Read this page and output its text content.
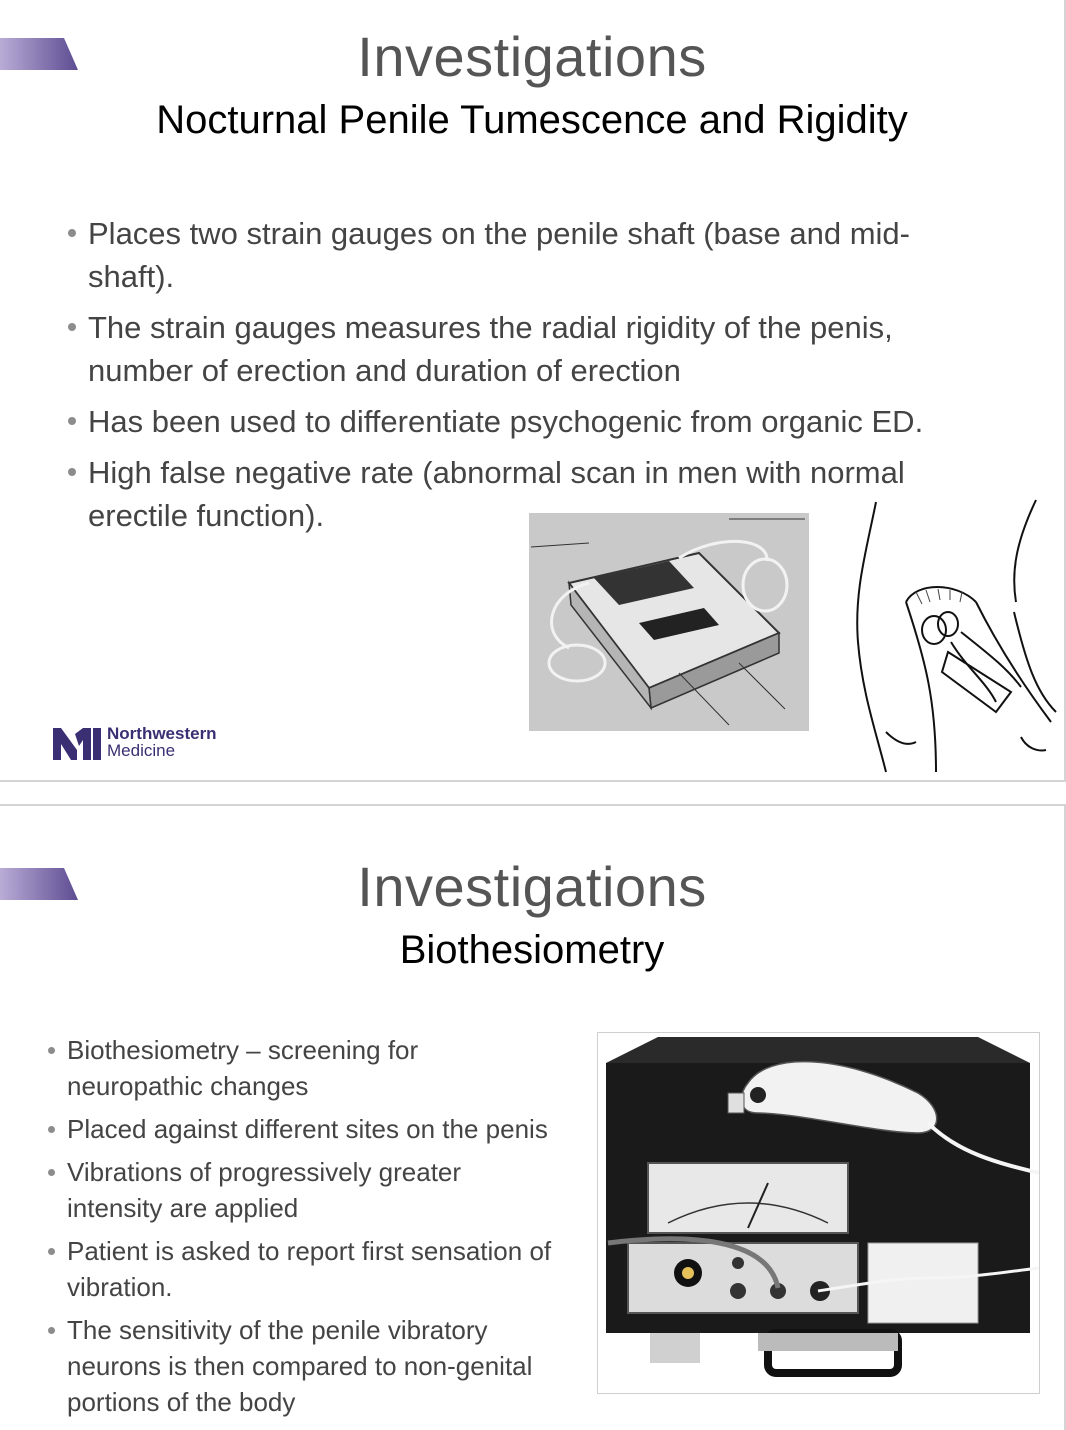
Investigations
Nocturnal Penile Tumescence and Rigidity
Places two strain gauges on the penile shaft (base and mid-shaft).
The strain gauges measures the radial rigidity of the penis, number of erection and duration of erection
Has been used to differentiate psychogenic from organic ED.
High false negative rate (abnormal scan in men with normal erectile function).
Northwestern
Medicine
Investigations
Biothesiometry
Biothesiometry – screening for neuropathic changes
Placed against different sites on the penis
Vibrations of progressively greater intensity are applied
Patient is asked to report first sensation of vibration.
The sensitivity of the penile vibratory neurons is then compared to non-genital portions of the body
